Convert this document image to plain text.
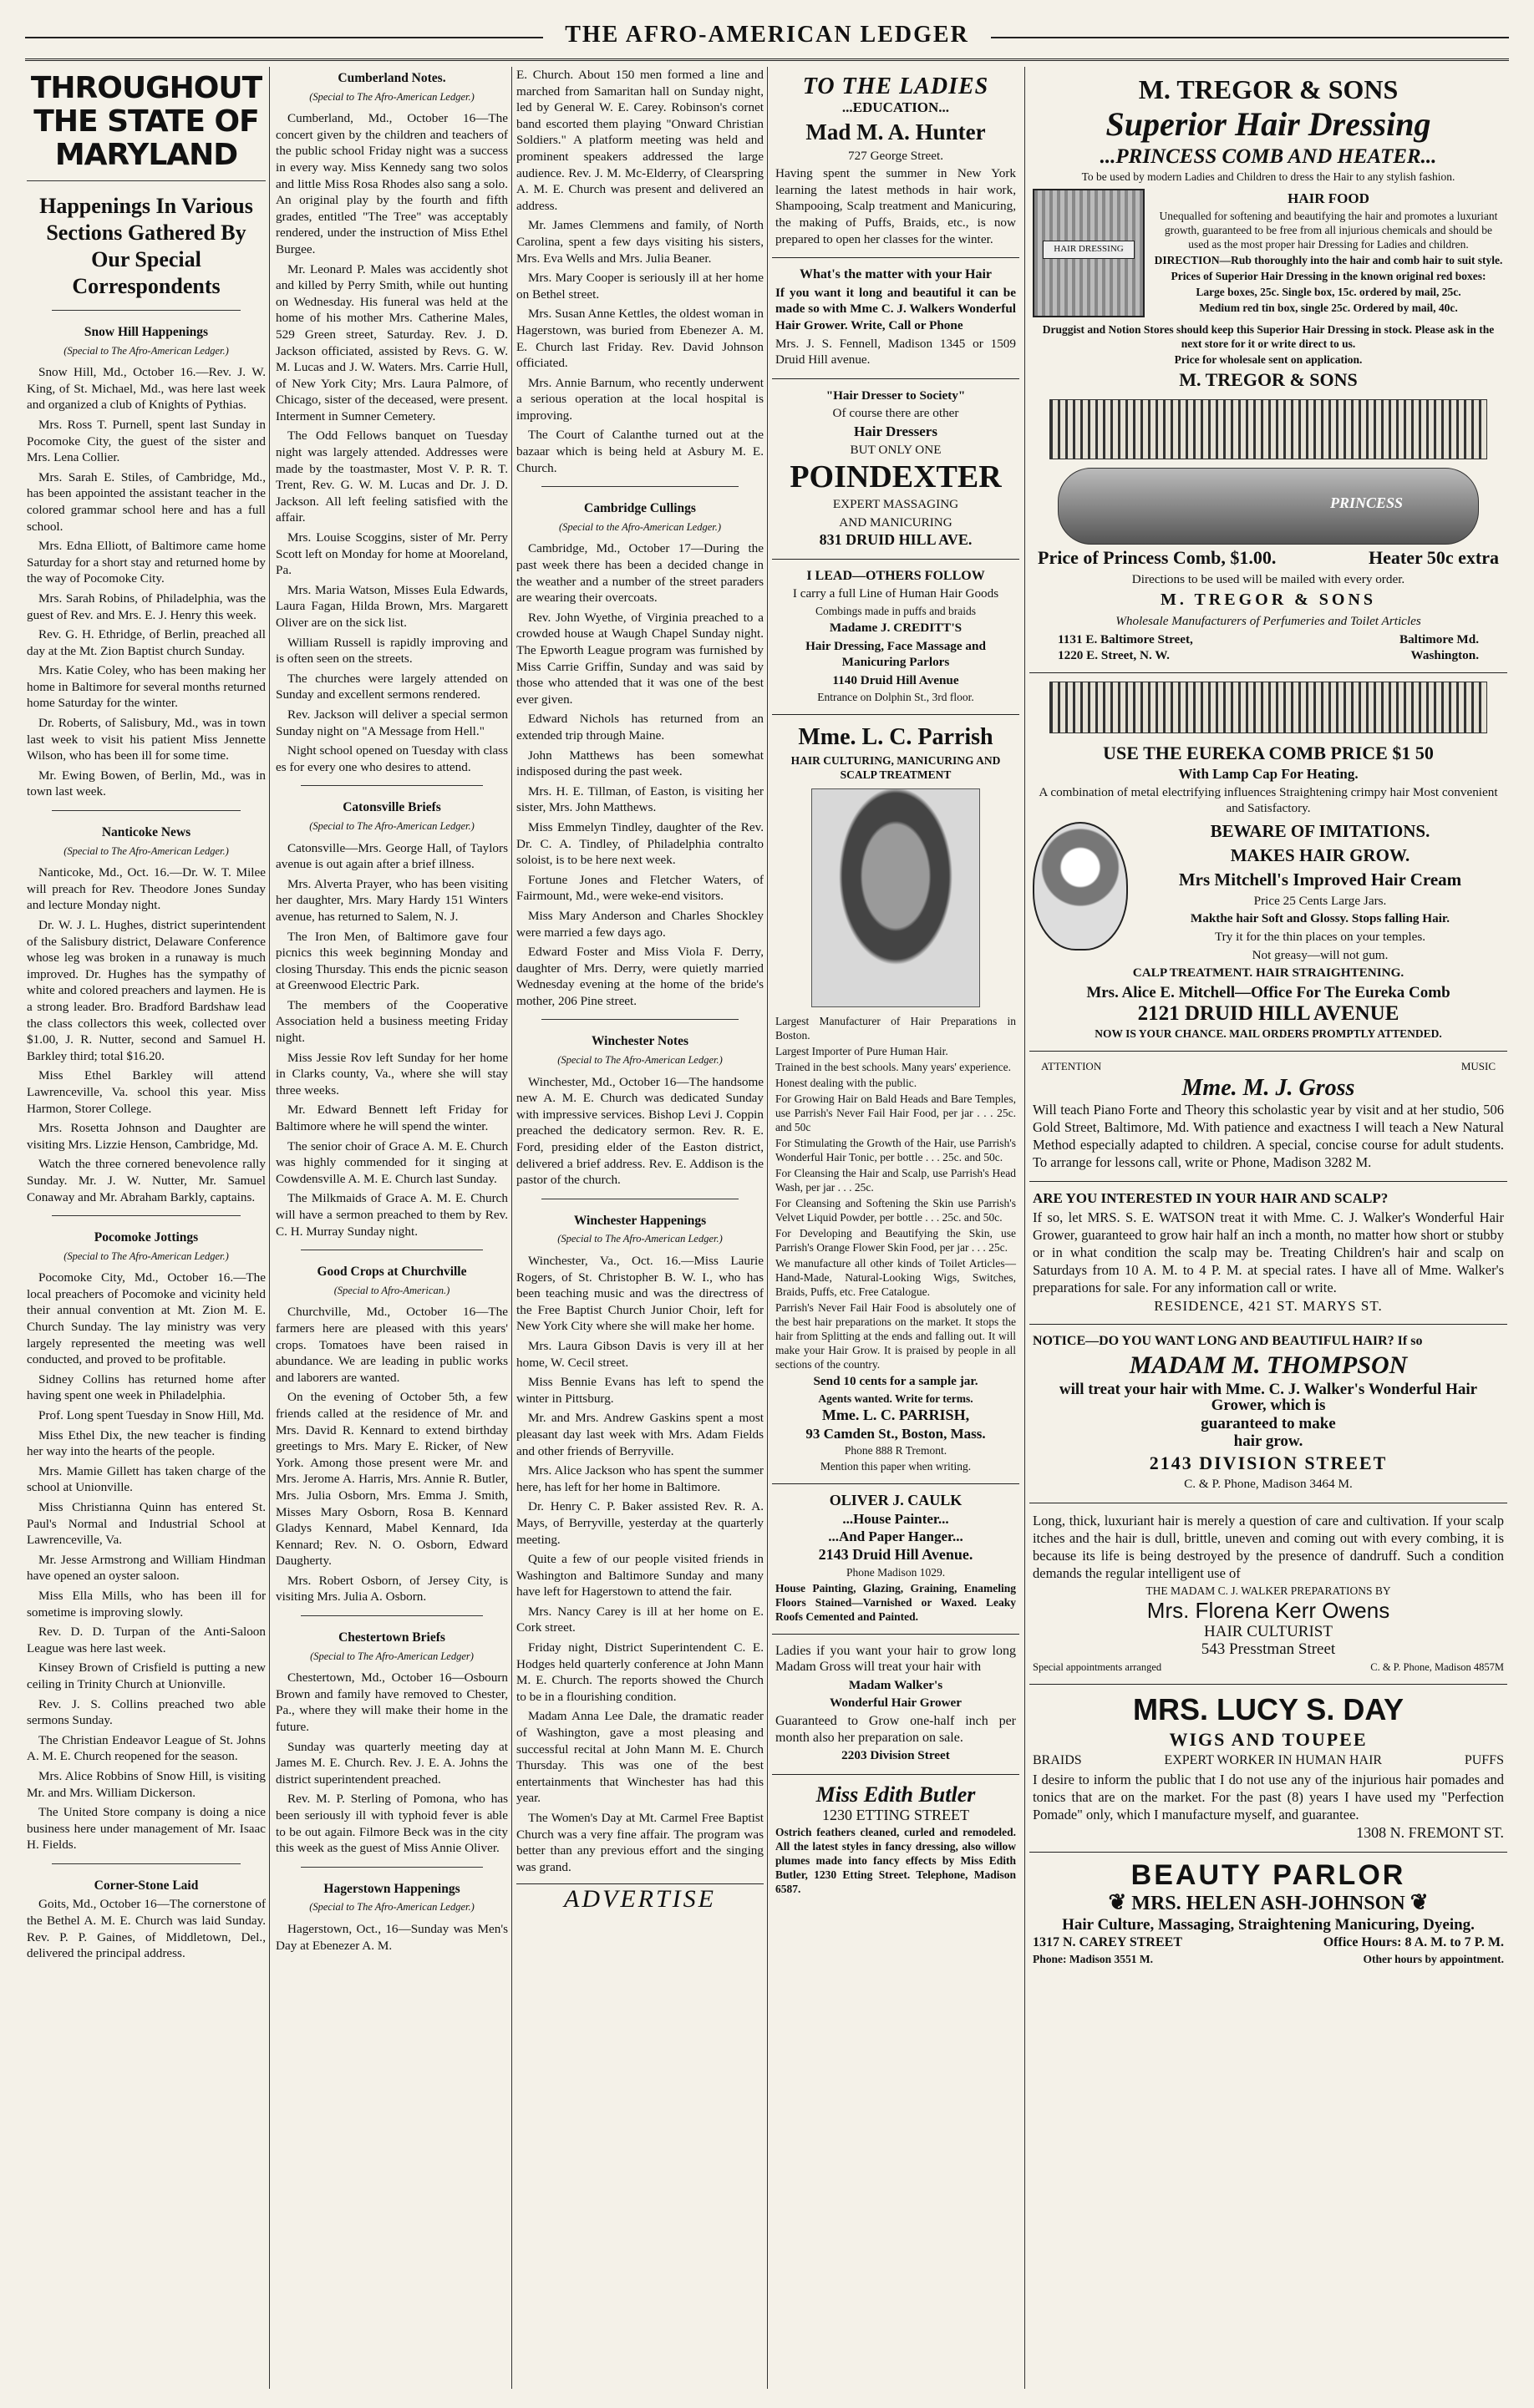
THE AFRO-AMERICAN LEDGER
THROUGHOUT THE STATE OF MARYLAND

Happenings In Various Sections Gathered By Our Special Correspondents

Snow Hill Happenings

(Special to The Afro-American Ledger.)

Snow Hill, Md., October 16.—Rev. J. W. King, of St. Michael, Md., was here last week and organized a club of Knights of Pythias.

Mrs. Ross T. Purnell, spent last Sunday in Pocomoke City, the guest of the sister and Mrs. Lena Collier.

Mrs. Sarah E. Stiles, of Cambridge, Md., has been appointed the assistant teacher in the colored grammar school here and has a full school.

Mrs. Edna Elliott, of Baltimore came home Saturday for a short stay and returned home by the way of Pocomoke City.

Mrs. Sarah Robins, of Philadelphia, was the guest of Rev. and Mrs. E. J. Henry this week.

Rev. G. H. Ethridge, of Berlin, preached all day at the Mt. Zion Baptist church Sunday.

Mrs. Katie Coley, who has been making her home in Baltimore for several months returned home Saturday for the winter.

Dr. Roberts, of Salisbury, Md., was in town last week to visit his patient Miss Jennette Wilson, who has been ill for some time.

Mr. Ewing Bowen, of Berlin, Md., was in town last week.

Nanticoke News

(Special to The Afro-American Ledger.)

Nanticoke, Md., Oct. 16.—Dr. W. T. Milee will preach for Rev. Theodore Jones Sunday and lecture Monday night.

Dr. W. J. L. Hughes, district superintendent of the Salisbury district, Delaware Conference whose leg was broken in a runaway is much improved. Dr. Hughes has the sympathy of white and colored preachers and laymen. He is a strong leader. Bro. Bradford Bardshaw lead the class collectors this week, collected over $1.00, J. R. Nutter, second and Samuel H. Barkley third; total $16.20.

Miss Ethel Barkley will attend Lawrenceville, Va. school this year. Miss Harmon, Storer College.

Mrs. Rosetta Johnson and Daughter are visiting Mrs. Lizzie Henson, Cambridge, Md.

Watch the three cornered benevolence rally Sunday. Mr. J. W. Nutter, Mr. Samuel Conaway and Mr. Abraham Barkly, captains.

Pocomoke Jottings

(Special to The Afro-American Ledger.)

Pocomoke City, Md., October 16.—The local preachers of Pocomoke and vicinity held their annual convention at Mt. Zion M. E. Church Sunday. The lay ministry was very largely represented the meeting was well conducted, and proved to be profitable.

Sidney Collins has returned home after having spent one week in Philadelphia.

Prof. Long spent Tuesday in Snow Hill, Md.

Miss Ethel Dix, the new teacher is finding her way into the hearts of the people.

Mrs. Mamie Gillett has taken charge of the school at Unionville.

Miss Christianna Quinn has entered St. Paul's Normal and Industrial School at Lawrenceville, Va.

Mr. Jesse Armstrong and William Hindman have opened an oyster saloon.

Miss Ella Mills, who has been ill for sometime is improving slowly.

Rev. D. D. Turpan of the Anti-Saloon League was here last week.

Kinsey Brown of Crisfield is putting a new ceiling in Trinity Church at Unionville.

Rev. J. S. Collins preached two able sermons Sunday.

The Christian Endeavor League of St. Johns A. M. E. Church reopened for the season.

Mrs. Alice Robbins of Snow Hill, is visiting Mr. and Mrs. William Dickerson.

The United Store company is doing a nice business here under management of Mr. Isaac H. Fields.

Corner-Stone Laid

Goits, Md., October 16—The cornerstone of the Bethel A. M. E. Church was laid Sunday. Rev. P. P. Gaines, of Middletown, Del., delivered the principal address.

Cumberland Notes.

(Special to The Afro-American Ledger.)

Cumberland, Md., October 16—The concert given by the children and teachers of the public school Friday night was a success in every way. Miss Kennedy sang two solos and little Miss Rosa Rhodes also sang a solo. An original play by the fourth and fifth grades, entitled "The Tree" was acceptably rendered, under the instruction of Miss Ethel Burgee.

Mr. Leonard P. Males was accidently shot and killed by Perry Smith, while out hunting on Wednesday. His funeral was held at the home of his mother Mrs. Catherine Males, 529 Green street, Saturday. Rev. J. D. Jackson officiated, assisted by Revs. G. W. M. Lucas and J. W. Waters. Mrs. Carrie Hull, of New York City; Mrs. Laura Palmore, of Chicago, sister of the deceased, were present. Interment in Sumner Cemetery.

The Odd Fellows banquet on Tuesday night was largely attended. Addresses were made by the toastmaster, Most V. P. R. T. Trent, Rev. G. W. M. Lucas and Dr. J. D. Jackson. All left feeling satisfied with the affair.

Mrs. Louise Scoggins, sister of Mr. Perry Scott left on Monday for home at Mooreland, Pa.

Mrs. Maria Watson, Misses Eula Edwards, Laura Fagan, Hilda Brown, Mrs. Margarett Oliver are on the sick list.

William Russell is rapidly improving and is often seen on the streets.

The churches were largely attended on Sunday and excellent sermons rendered.

Rev. Jackson will deliver a special sermon Sunday night on "A Message from Hell."

Night school opened on Tuesday with class es for every one who desires to attend.

Catonsville Briefs

(Special to The Afro-American Ledger.)

Catonsville—Mrs. George Hall, of Taylors avenue is out again after a brief illness.

Mrs. Alverta Prayer, who has been visiting her daughter, Mrs. Mary Hardy 151 Winters avenue, has returned to Salem, N. J.

The Iron Men, of Baltimore gave four picnics this week beginning Monday and closing Thursday. This ends the picnic season at Greenwood Electric Park.

The members of the Cooperative Association held a business meeting Friday night.

Miss Jessie Rov left Sunday for her home in Clarks county, Va., where she will stay three weeks.

Mr. Edward Bennett left Friday for Baltimore where he will spend the winter.

The senior choir of Grace A. M. E. Church was highly commended for it singing at Cowdensville A. M. E. Church last Sunday.

The Milkmaids of Grace A. M. E. Church will have a sermon preached to them by Rev. C. H. Murray Sunday night.

Good Crops at Churchville

(Special to Afro-American.)

Churchville, Md., October 16—The farmers here are pleased with this years' crops. Tomatoes have been raised in abundance. We are leading in public works and laborers are wanted.

On the evening of October 5th, a few friends called at the residence of Mr. and Mrs. David R. Kennard to extend birthday greetings to Mrs. Mary E. Ricker, of New York. Among those present were Mr. and Mrs. Jerome A. Harris, Mrs. Annie R. Butler, Mrs. Julia Osborn, Mrs. Emma J. Smith, Misses Mary Osborn, Rosa B. Kennard Gladys Kennard, Mabel Kennard, Ida Kennard; Rev. N. O. Osborn, Edward Daugherty.

Mrs. Robert Osborn, of Jersey City, is visiting Mrs. Julia A. Osborn.

Chestertown Briefs

(Special to The Afro-American Ledger)

Chestertown, Md., October 16—Osbourn Brown and family have removed to Chester, Pa., where they will make their home in the future.

Sunday was quarterly meeting day at James M. E. Church. Rev. J. E. A. Johns the district superintendent preached.

Rev. M. P. Sterling of Pomona, who has been seriously ill with typhoid fever is able to be out again. Filmore Beck was in the city this week as the guest of Miss Annie Oliver.

Hagerstown Happenings

(Special to The Afro-American Ledger.)

Hagerstown, Oct., 16—Sunday was Men's Day at Ebenezer A. M.

E. Church. About 150 men formed a line and marched from Samaritan hall on Sunday night, led by General W. E. Carey. Robinson's cornet band escorted them playing "Onward Christian Soldiers." A platform meeting was held and prominent speakers addressed the large audience. Rev. J. M. Mc-Elderry, of Clearspring A. M. E. Church was present and delivered an address.

Mr. James Clemmens and family, of North Carolina, spent a few days visiting his sisters, Mrs. Eva Wells and Mrs. Julia Beaner.

Mrs. Mary Cooper is seriously ill at her home on Bethel street.

Mrs. Susan Anne Kettles, the oldest woman in Hagerstown, was buried from Ebenezer A. M. E. Church last Friday. Rev. David Johnson officiated.

Mrs. Annie Barnum, who recently underwent a serious operation at the local hospital is improving.

The Court of Calanthe turned out at the bazaar which is being held at Asbury M. E. Church.

Cambridge Cullings

(Special to the Afro-American Ledger.)

Cambridge, Md., October 17—During the past week there has been a decided change in the weather and a number of the street paraders are wearing their overcoats.

Rev. John Wyethe, of Virginia preached to a crowded house at Waugh Chapel Sunday night. The Epworth League program was furnished by Miss Carrie Griffin, Sunday and was said by those who attended that it was one of the best ever given.

Edward Nichols has returned from an extended trip through Maine.

John Matthews has been somewhat indisposed during the past week.

Mrs. H. E. Tillman, of Easton, is visiting her sister, Mrs. John Matthews.

Miss Emmelyn Tindley, daughter of the Rev. Dr. C. A. Tindley, of Philadelphia contralto soloist, is to be here next week.

Fortune Jones and Fletcher Waters, of Fairmount, Md., were weke-end visitors.

Miss Mary Anderson and Charles Shockley were married a few days ago.

Edward Foster and Miss Viola F. Derry, daughter of Mrs. Derry, were quietly married Wednesday evening at the home of the bride's mother, 206 Pine street.

Winchester Notes

(Special to The Afro-American Ledger.)

Winchester, Md., October 16—The handsome new A. M. E. Church was dedicated Sunday with impressive services. Bishop Levi J. Coppin preached the dedicatory sermon. Rev. R. E. Ford, presiding elder of the Easton district, delivered a brief address. Rev. E. Addison is the pastor of the church.

Winchester Happenings

(Special to The Afro-American Ledger.)

Winchester, Va., Oct. 16.—Miss Laurie Rogers, of St. Christopher B. W. I., who has been teaching music and was the directress of the Free Baptist Church Junior Choir, left for New York City where she will make her home.

Mrs. Laura Gibson Davis is very ill at her home, W. Cecil street.

Miss Bennie Evans has left to spend the winter in Pittsburg.

Mr. and Mrs. Andrew Gaskins spent a most pleasant day last week with Mrs. Adam Fields and other friends of Berryville.

Mrs. Alice Jackson who has spent the summer here, has left for her home in Baltimore.

Dr. Henry C. P. Baker assisted Rev. R. A. Mays, of Berryville, yesterday at the quarterly meeting.

Quite a few of our people visited friends in Washington and Baltimore Sunday and many have left for Hagerstown to attend the fair.

Mrs. Nancy Carey is ill at her home on E. Cork street.

Friday night, District Superintendent C. E. Hodges held quarterly conference at John Mann M. E. Church. The reports showed the Church to be in a flourishing condition.

Madam Anna Lee Dale, the dramatic reader of Washington, gave a most pleasing and successful recital at John Mann M. E. Church Thursday. This was one of the best entertainments that Winchester has had this year.

The Women's Day at Mt. Carmel Free Baptist Church was a very fine affair. The program was better than any previous effort and the singing was grand.

ADVERTISE

TO THE LADIES

...EDUCATION...

Mad M. A. Hunter

727 George Street.

Having spent the summer in New York learning the latest methods in hair work, Shampooing, Scalp treatment and Manicuring, the making of Puffs, Braids, etc., is now prepared to open her classes for the winter.

What's the matter with your Hair

If you want it long and beautiful it can be made so with Mme C. J. Walkers Wonderful Hair Grower. Write, Call or Phone

Mrs. J. S. Fennell, Madison 1345 or 1509 Druid Hill avenue.

"Hair Dresser to Society"

Of course there are other

Hair Dressers

BUT ONLY ONE

POINDEXTER

EXPERT MASSAGING

AND MANICURING

831 DRUID HILL AVE.

I LEAD—OTHERS FOLLOW

I carry a full Line of Human Hair Goods

Combings made in puffs and braids

Madame J. CREDITT'S

Hair Dressing, Face Massage and Manicuring Parlors

1140 Druid Hill Avenue

Entrance on Dolphin St., 3rd floor.

Mme. L. C. Parrish

HAIR CULTURING, MANICURING AND SCALP TREATMENT

Largest Manufacturer of Hair Preparations in Boston.

Largest Importer of Pure Human Hair.

Trained in the best schools. Many years' experience.

Honest dealing with the public.

For Growing Hair on Bald Heads and Bare Temples, use Parrish's Never Fail Hair Food, per jar . . . 25c. and 50c

For Stimulating the Growth of the Hair, use Parrish's Wonderful Hair Tonic, per bottle . . . 25c. and 50c.

For Cleansing the Hair and Scalp, use Parrish's Head Wash, per jar . . . 25c.

For Cleansing and Softening the Skin use Parrish's Velvet Liquid Powder, per bottle . . . 25c. and 50c.

For Developing and Beautifying the Skin, use Parrish's Orange Flower Skin Food, per jar . . . 25c.

We manufacture all other kinds of Toilet Articles—Hand-Made, Natural-Looking Wigs, Switches, Braids, Puffs, etc. Free Catalogue.

Parrish's Never Fail Hair Food is absolutely one of the best hair preparations on the market. It stops the hair from Splitting at the ends and falling out. It will make your Hair Grow. It is praised by people in all sections of the country.

Send 10 cents for a sample jar.

Agents wanted. Write for terms.

Mme. L. C. PARRISH,

93 Camden St., Boston, Mass.

Phone 888 R Tremont.

Mention this paper when writing.

OLIVER J. CAULK

...House Painter...

...And Paper Hanger...

2143 Druid Hill Avenue.

Phone Madison 1029.

House Painting, Glazing, Graining, Enameling Floors Stained—Varnished or Waxed. Leaky Roofs Cemented and Painted.

Ladies if you want your hair to grow long Madam Gross will treat your hair with

Madam Walker's

Wonderful Hair Grower

Guaranteed to Grow one-half inch per month also her preparation on sale.

2203 Division Street

Miss Edith Butler

1230 ETTING STREET

Ostrich feathers cleaned, curled and remodeled. All the latest styles in fancy dressing, also willow plumes made into fancy effects by Miss Edith Butler, 1230 Etting Street. Telephone, Madison 6587.

M. TREGOR & SONS

Superior Hair Dressing

...PRINCESS COMB AND HEATER...

To be used by modern Ladies and Children to dress the Hair to any stylish fashion.

HAIR DRESSING

HAIR FOOD

Unequalled for softening and beautifying the hair and promotes a luxuriant growth, guaranteed to be free from all injurious chemicals and should be used as the most proper hair Dressing for Ladies and children.

DIRECTION—Rub thoroughly into the hair and comb hair to suit style.

Prices of Superior Hair Dressing in the known original red boxes:

Large boxes, 25c. Single box, 15c. ordered by mail, 25c.

Medium red tin box, single 25c. Ordered by mail, 40c.

Druggist and Notion Stores should keep this Superior Hair Dressing in stock. Please ask in the next store for it or write direct to us.

Price for wholesale sent on application.

M. TREGOR & SONS

PRINCESS
Price of Princess Comb, $1.00.	Heater 50c extra

Directions to be used will be mailed with every order.

M. TREGOR & SONS

Wholesale Manufacturers of Perfumeries and Toilet Articles

1131 E. Baltimore Street,	Baltimore Md.
1220 E. Street, N. W.	Washington.

USE THE EUREKA COMB PRICE $1 50

With Lamp Cap For Heating.

A combination of metal electrifying influences Straightening crimpy hair Most convenient and Satisfactory.

BEWARE OF IMITATIONS.

MAKES HAIR GROW.

Mrs Mitchell's Improved Hair Cream

Price 25 Cents Large Jars.

Makthe hair Soft and Glossy. Stops falling Hair.

Try it for the thin places on your temples.

Not greasy—will not gum.

CALP TREATMENT. HAIR STRAIGHTENING.

Mrs. Alice E. Mitchell—Office For The Eureka Comb

2121 DRUID HILL AVENUE

NOW IS YOUR CHANCE. MAIL ORDERS PROMPTLY ATTENDED.

ATTENTION	MUSIC

Mme. M. J. Gross

Will teach Piano Forte and Theory this scholastic year by visit and at her studio, 506 Gold Street, Baltimore, Md. With patience and exactness I will teach a New Natural Method especially adapted to children. A special, concise course for adult students. To arrange for lessons call, write or Phone, Madison 3282 M.

ARE YOU INTERESTED IN YOUR HAIR AND SCALP?

If so, let MRS. S. E. WATSON treat it with Mme. C. J. Walker's Wonderful Hair Grower, guaranteed to grow hair half an inch a month, no matter how short or stubby or in what condition the scalp may be. Treating Children's hair and scalp on Saturdays from 10 A. M. to 4 P. M. at special rates. I have all of Mme. Walker's preparations for sale. For any information call or write.

RESIDENCE, 421 ST. MARYS ST.

NOTICE—DO YOU WANT LONG AND BEAUTIFUL HAIR? If so

MADAM M. THOMPSON

will treat your hair with Mme. C. J. Walker's Wonderful Hair Grower, which is

guaranteed to make

hair grow.

2143 DIVISION STREET

C. & P. Phone, Madison 3464 M.

Long, thick, luxuriant hair is merely a question of care and cultivation. If your scalp itches and the hair is dull, brittle, uneven and coming out with every combing, it is because its life is being destroyed by the presence of dandruff. Such a condition demands the regular intelligent use of

THE MADAM C. J. WALKER PREPARATIONS BY

Mrs. Florena Kerr Owens

HAIR CULTURIST

543 Presstman Street

Special appointments arranged	C. & P. Phone, Madison 4857M

MRS. LUCY S. DAY

WIGS AND TOUPEE

BRAIDS	EXPERT WORKER IN HUMAN HAIR	PUFFS

I desire to inform the public that I do not use any of the injurious hair pomades and tonics that are on the market. For the past (8) years I have used my "Perfection Pomade" only, which I manufacture myself, and guarantee.

1308 N. FREMONT ST.

BEAUTY PARLOR

❦ MRS. HELEN ASH-JOHNSON ❦

Hair Culture, Massaging, Straightening Manicuring, Dyeing.

1317 N. CAREY STREET	Office Hours: 8 A. M. to 7 P. M.
Phone: Madison 3551 M.	Other hours by appointment.
